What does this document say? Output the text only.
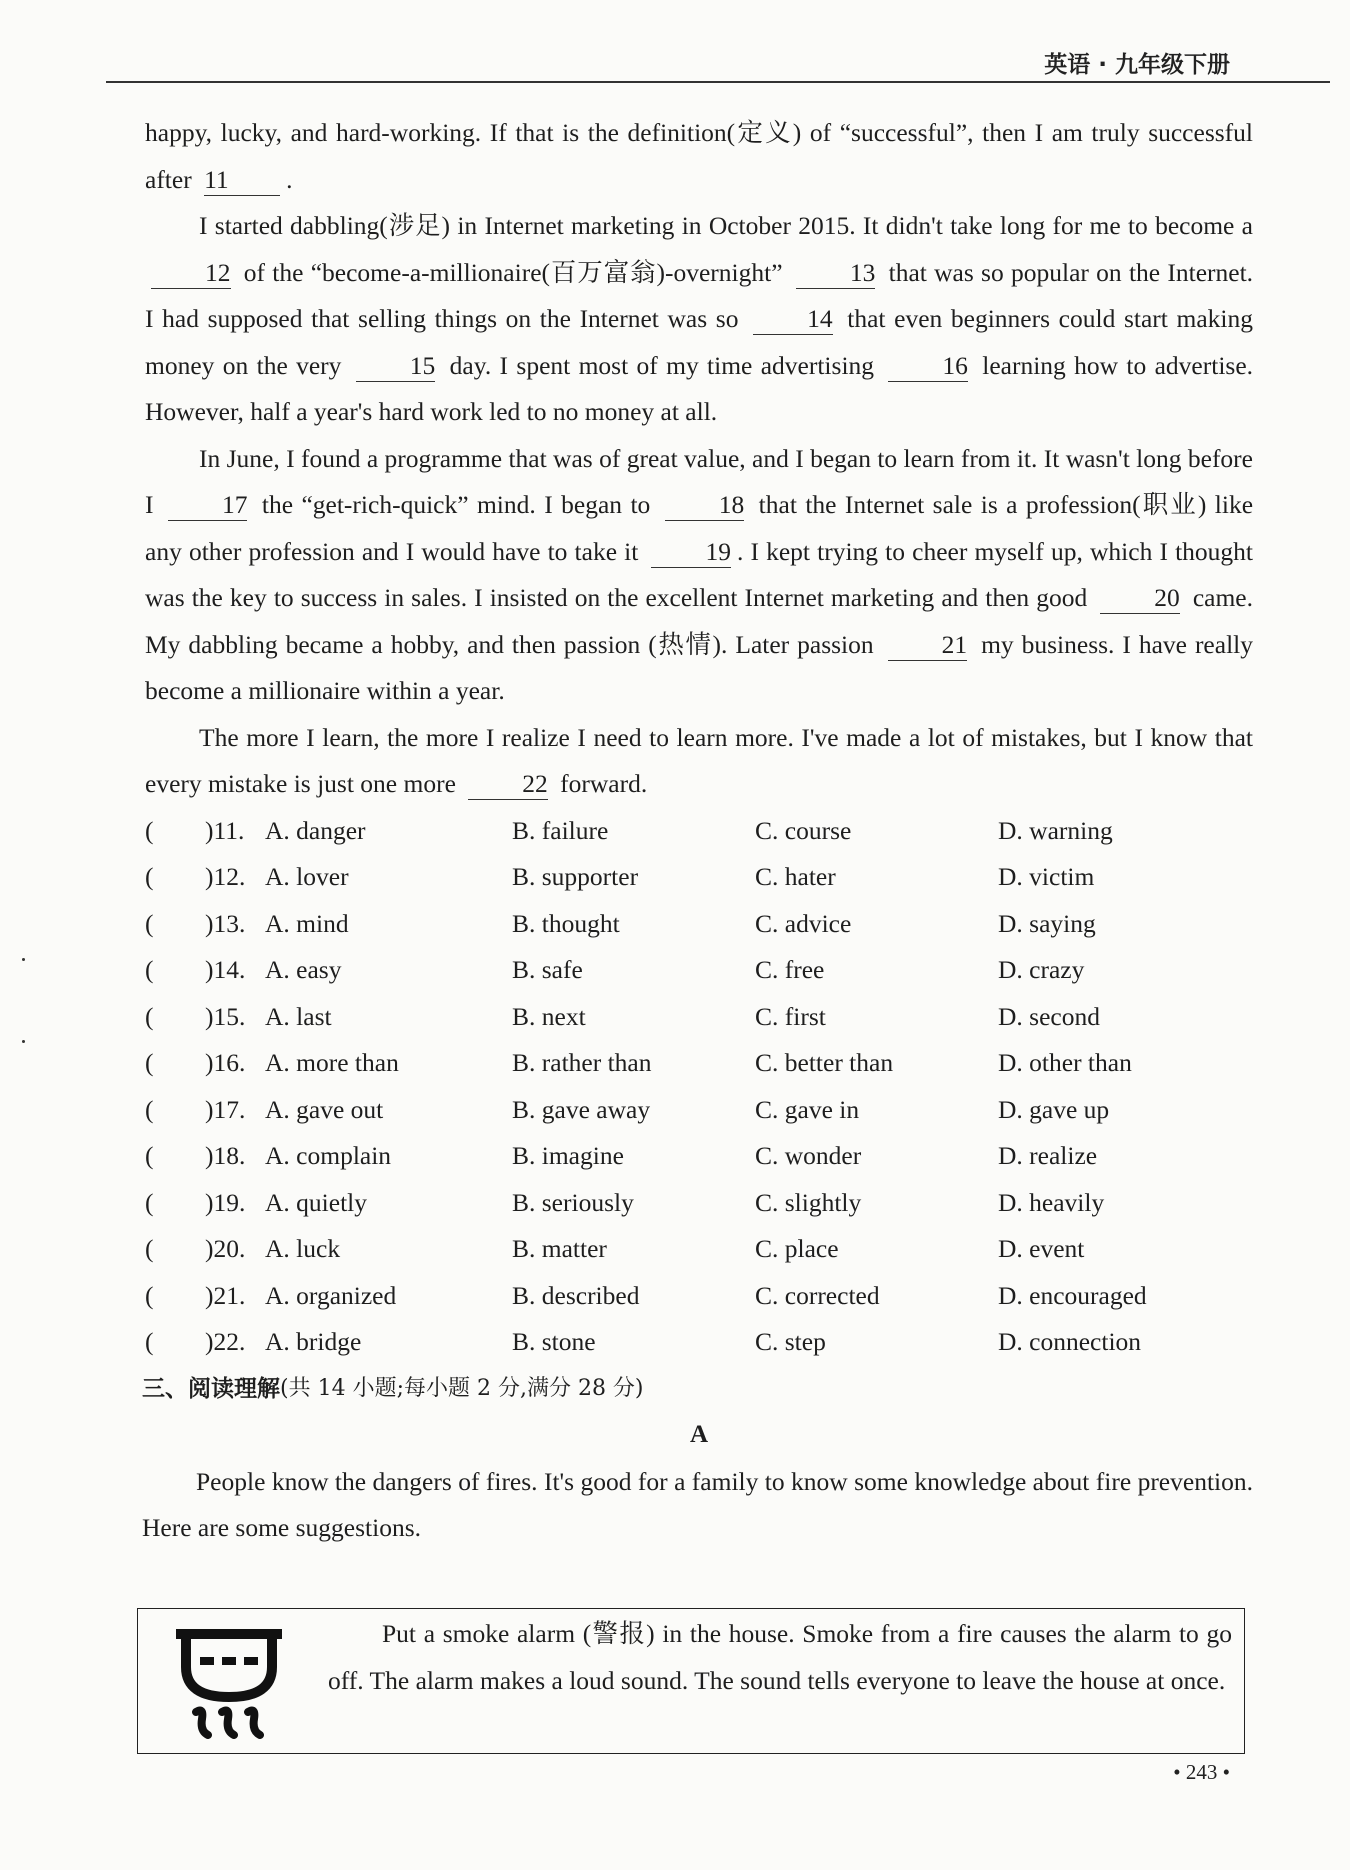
英语 · 九年级下册

happy, lucky, and hard-working. If that is the definition(定义) of “successful”, then I am truly successful after 11 .

I started dabbling(涉足) in Internet marketing in October 2015. It didn't take long for me to become a 12 of the “become-a-millionaire(百万富翁)-overnight”	13 that was so popular on the Internet. I had supposed that selling things on the Internet was so	14 that even beginners could start making money on the very	15 day. I spent most of my time advertising	16 learning how to advertise. However, half a year's hard work led to no money at all.

In June, I found a programme that was of great value, and I began to learn from it. It wasn't long before I	17 the “get-rich-quick” mind. I began to	18 that the Internet sale is a profession(职业) like any other profession and I would have to take it	19 . I kept trying to cheer myself up, which I thought was the key to success in sales. I insisted on the excellent Internet marketing and then good	20 came. My dabbling became a hobby, and then passion (热情). Later passion	21 my business. I have really become a millionaire within a year.

The more I learn, the more I realize I need to learn more. I've made a lot of mistakes, but I know that every mistake is just one more	22 forward.

(	)11. A. danger	B. failure	C. course	D. warning
(	)12. A. lover	B. supporter	C. hater	D. victim
(	)13. A. mind	B. thought	C. advice	D. saying
(	)14. A. easy	B. safe	C. free	D. crazy
(	)15. A. last	B. next	C. first	D. second
(	)16. A. more than	B. rather than	C. better than	D. other than
(	)17. A. gave out	B. gave away	C. gave in	D. gave up
(	)18. A. complain	B. imagine	C. wonder	D. realize
(	)19. A. quietly	B. seriously	C. slightly	D. heavily
(	)20. A. luck	B. matter	C. place	D. event
(	)21. A. organized	B. described	C. corrected	D. encouraged
(	)22. A. bridge	B. stone	C. step	D. connection
三、阅读理解 (共 14 小题;每小题 2 分,满分 28 分)
A

People know the dangers of fires. It's good for a family to know some knowledge about fire prevention. Here are some suggestions.

Put a smoke alarm (警报) in the house. Smoke from a fire causes the alarm to go off. The alarm makes a loud sound. The sound tells everyone to leave the house at once.

• 243 •
